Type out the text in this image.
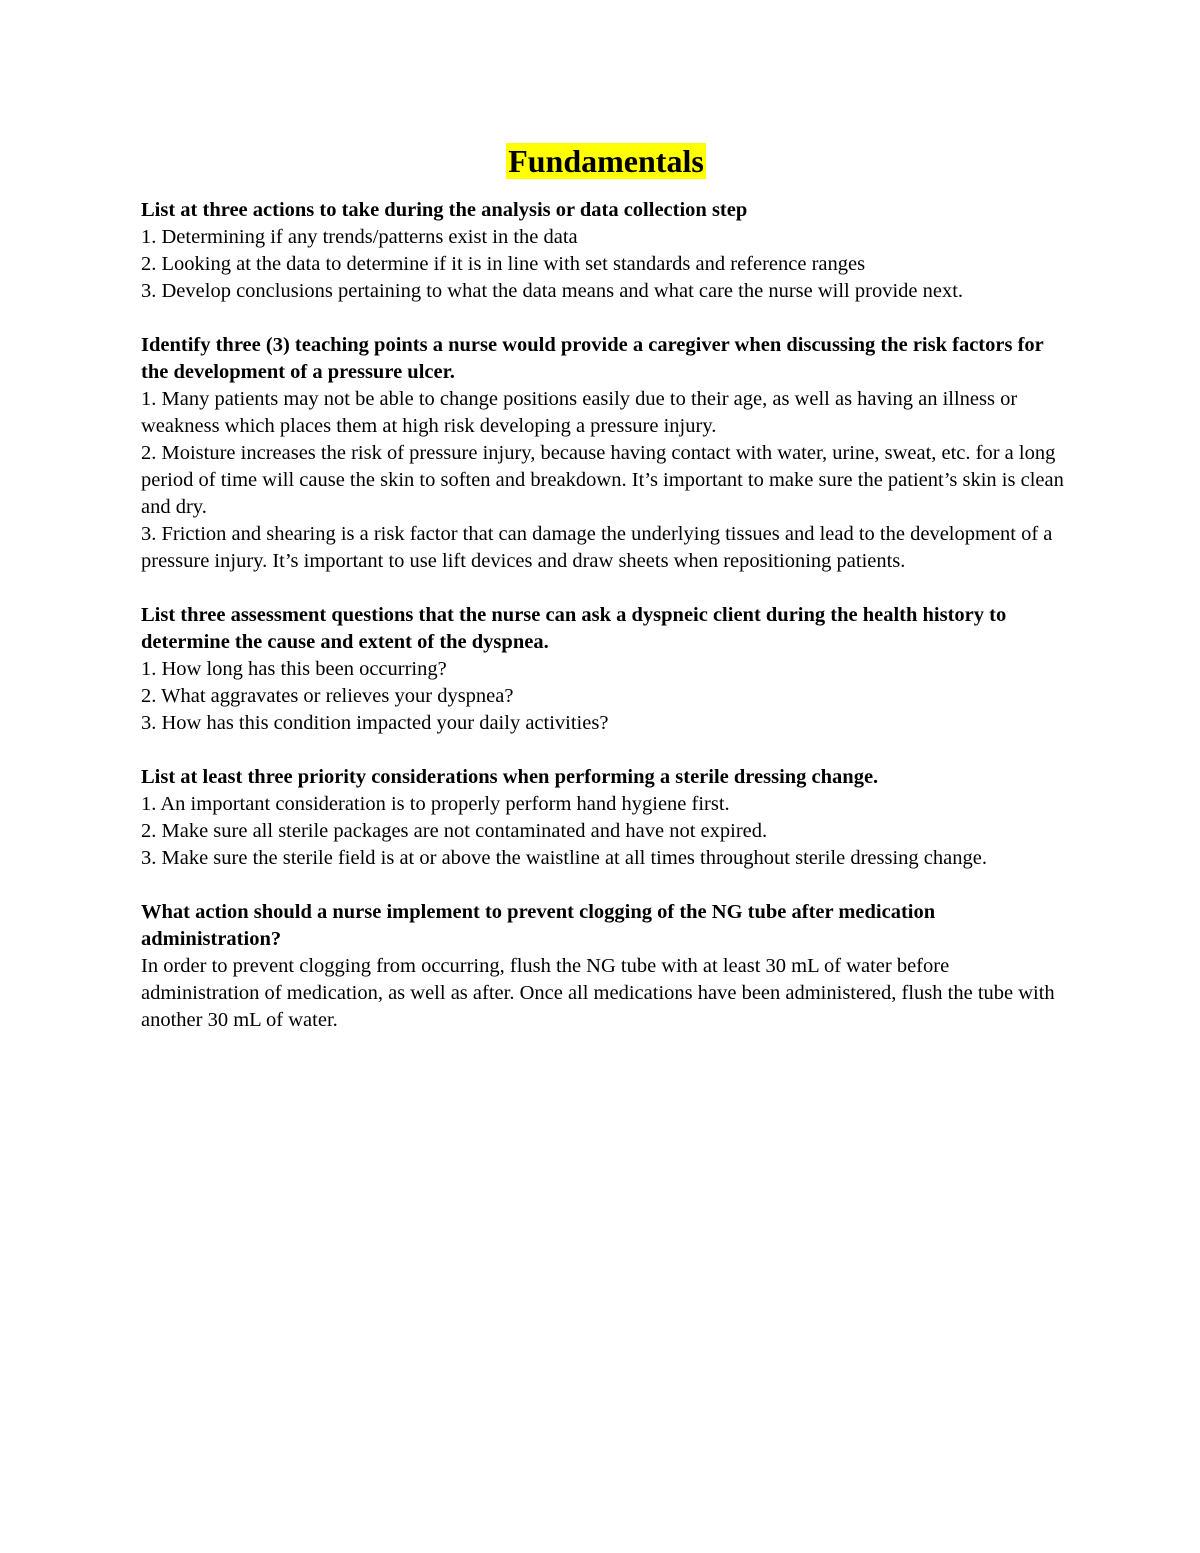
Fundamentals

List at three actions to take during the analysis or data collection step

1. Determining if any trends/patterns exist in the data

2. Looking at the data to determine if it is in line with set standards and reference ranges

3. Develop conclusions pertaining to what the data means and what care the nurse will provide next.

Identify three (3) teaching points a nurse would provide a caregiver when discussing the risk factors for the development of a pressure ulcer.

1. Many patients may not be able to change positions easily due to their age, as well as having an illness or weakness which places them at high risk developing a pressure injury.

2. Moisture increases the risk of pressure injury, because having contact with water, urine, sweat, etc. for a long period of time will cause the skin to soften and breakdown. It’s important to make sure the patient’s skin is clean and dry.

3. Friction and shearing is a risk factor that can damage the underlying tissues and lead to the development of a pressure injury. It’s important to use lift devices and draw sheets when repositioning patients.

List three assessment questions that the nurse can ask a dyspneic client during the health history to determine the cause and extent of the dyspnea.

1. How long has this been occurring?

2. What aggravates or relieves your dyspnea?

3. How has this condition impacted your daily activities?

List at least three priority considerations when performing a sterile dressing change.

1. An important consideration is to properly perform hand hygiene first.

2. Make sure all sterile packages are not contaminated and have not expired.

3. Make sure the sterile field is at or above the waistline at all times throughout sterile dressing change.

What action should a nurse implement to prevent clogging of the NG tube after medication administration?

In order to prevent clogging from occurring, flush the NG tube with at least 30 mL of water before administration of medication, as well as after. Once all medications have been administered, flush the tube with another 30 mL of water.
